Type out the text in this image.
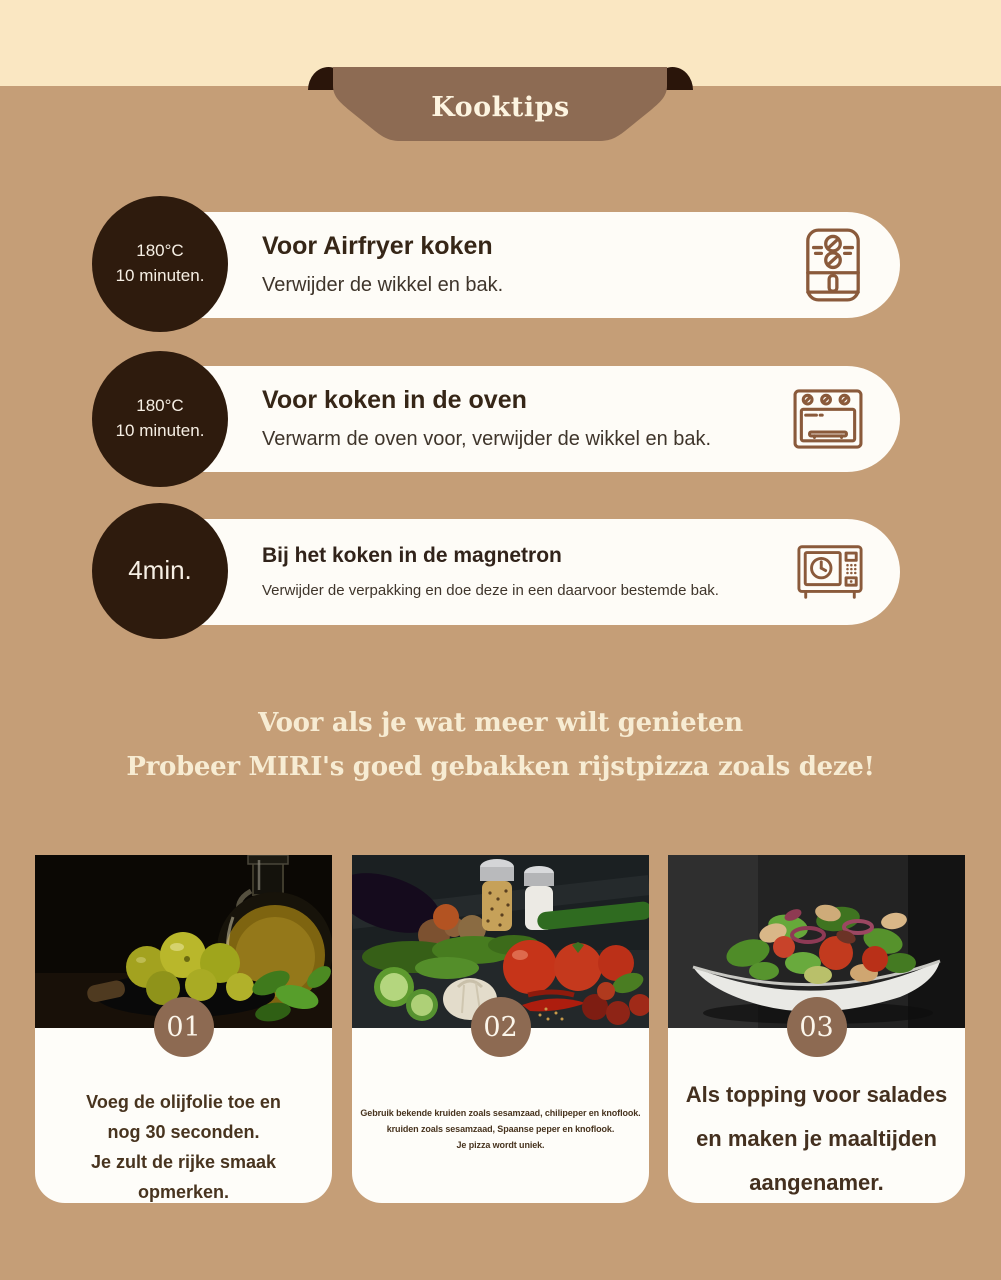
Kooktips
Voor Airfryer koken
Verwijder de wikkel en bak.
180°C
10 minuten.
Voor koken in de oven
Verwarm de oven voor, verwijder de wikkel en bak.
180°C
10 minuten.
Bij het koken in de magnetron
Verwijder de verpakking en doe deze in een daarvoor bestemde bak.
4min.
Voor als je wat meer wilt genieten
Probeer MIRI's goed gebakken rijstpizza zoals deze!
01
Voeg de olijfolie toe en
nog 30 seconden.
Je zult de rijke smaak opmerken.
02
Gebruik bekende kruiden zoals sesamzaad, chilipeper en knoflook.
kruiden zoals sesamzaad, Spaanse peper en knoflook.
Je pizza wordt uniek.
03
Als topping voor salades
en maken je maaltijden
aangenamer.
